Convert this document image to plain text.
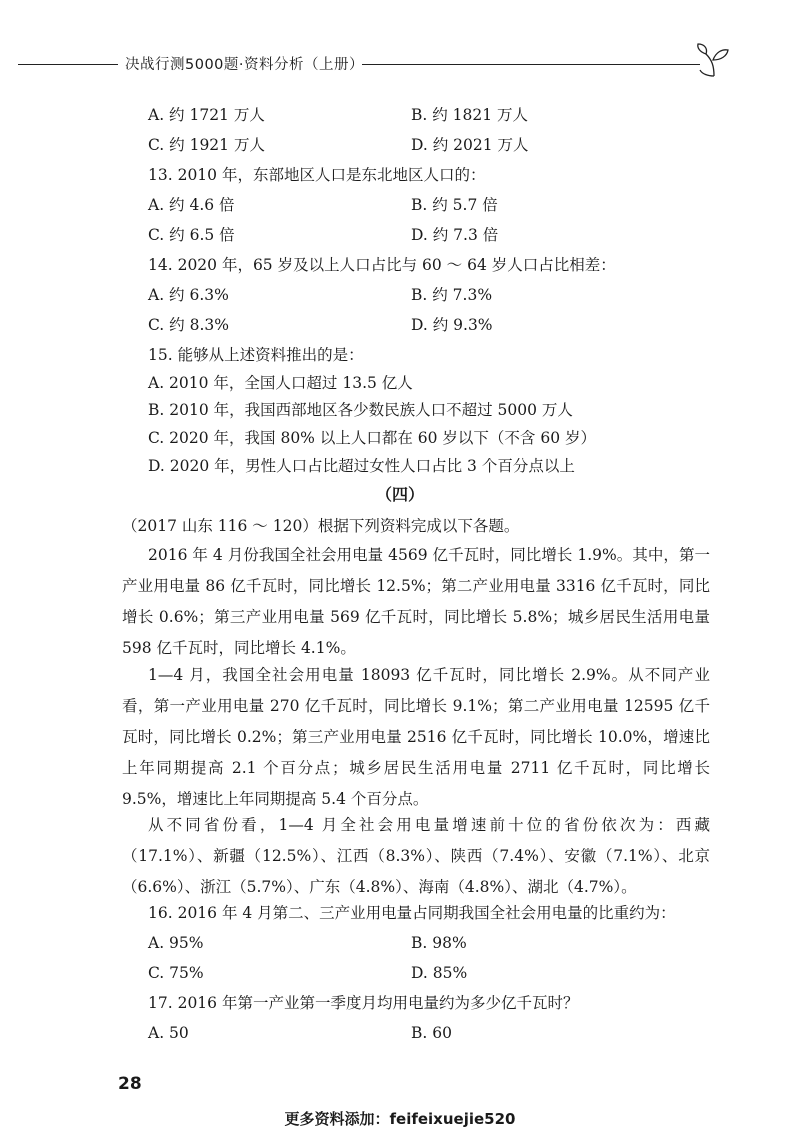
决战行测5000题·资料分析（上册）
A. 约 1721 万人	B. 约 1821 万人
C. 约 1921 万人	D. 约 2021 万人
13. 2010 年，东部地区人口是东北地区人口的：
A. 约 4.6 倍	B. 约 5.7 倍
C. 约 6.5 倍	D. 约 7.3 倍
14. 2020 年，65 岁及以上人口占比与 60 ～ 64 岁人口占比相差：
A. 约 6.3%	B. 约 7.3%
C. 约 8.3%	D. 约 9.3%
15. 能够从上述资料推出的是：
A. 2010 年，全国人口超过 13.5 亿人
B. 2010 年，我国西部地区各少数民族人口不超过 5000 万人
C. 2020 年，我国 80% 以上人口都在 60 岁以下（不含 60 岁）
D. 2020 年，男性人口占比超过女性人口占比 3 个百分点以上
（四）
（2017 山东 116 ～ 120）根据下列资料完成以下各题。
2016 年 4 月份我国全社会用电量 4569 亿千瓦时，同比增长 1.9%。其中，第一产业用电量 86 亿千瓦时，同比增长 12.5%；第二产业用电量 3316 亿千瓦时，同比增长 0.6%；第三产业用电量 569 亿千瓦时，同比增长 5.8%；城乡居民生活用电量 598 亿千瓦时，同比增长 4.1%。
1—4 月，我国全社会用电量 18093 亿千瓦时，同比增长 2.9%。从不同产业看，第一产业用电量 270 亿千瓦时，同比增长 9.1%；第二产业用电量 12595 亿千瓦时，同比增长 0.2%；第三产业用电量 2516 亿千瓦时，同比增长 10.0%，增速比上年同期提高 2.1 个百分点；城乡居民生活用电量 2711 亿千瓦时，同比增长 9.5%，增速比上年同期提高 5.4 个百分点。
从不同省份看，1—4 月全社会用电量增速前十位的省份依次为：西藏（17.1%）、新疆（12.5%）、江西（8.3%）、陕西（7.4%）、安徽（7.1%）、北京（6.6%）、浙江（5.7%）、广东（4.8%）、海南（4.8%）、湖北（4.7%）。
16. 2016 年 4 月第二、三产业用电量占同期我国全社会用电量的比重约为：
A. 95%	B. 98%
C. 75%	D. 85%
17. 2016 年第一产业第一季度月均用电量约为多少亿千瓦时？
A. 50	B. 60
28
更多资料添加：feifeixuejie520
